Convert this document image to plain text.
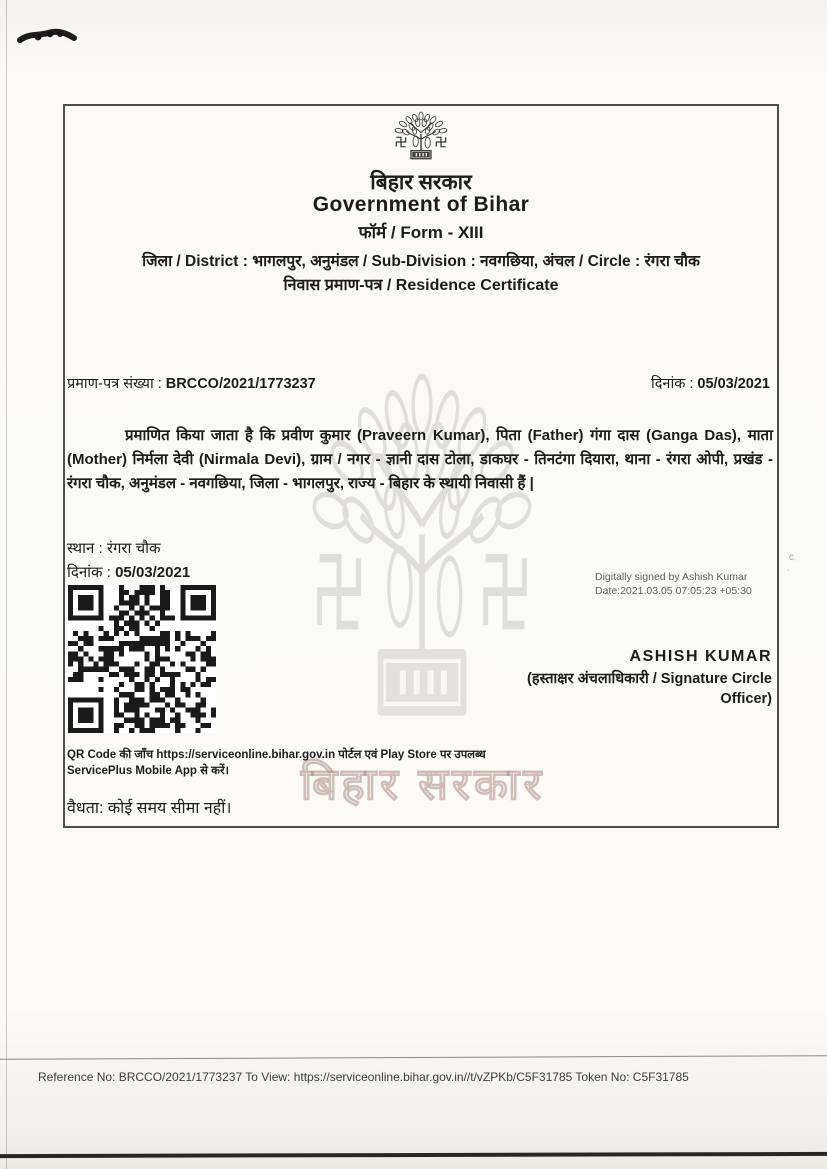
c.
.
बिहार सरकार
बिहार सरकार
Government of Bihar
फॉर्म / Form - XIII
जिला / District : भागलपुर, अनुमंडल / Sub-Division : नवगछिया, अंचल / Circle : रंगरा चौक
निवास प्रमाण-पत्र / Residence Certificate
प्रमाण-पत्र संख्या : BRCCO/2021/1773237	दिनांक : 05/03/2021
प्रमाणित किया जाता है कि प्रवीण कुमार (Praveern Kumar), पिता (Father) गंगा दास (Ganga Das), माता (Mother) निर्मला देवी (Nirmala Devi), ग्राम / नगर - ज्ञानी दास टोला, डाकघर - तिनटंगा दियारा, थाना - रंगरा ओपी, प्रखंड - रंगरा चौक, अनुमंडल - नवगछिया, जिला - भागलपुर, राज्य - बिहार के स्थायी निवासी हैं |
स्थान : रंगरा चौक
दिनांक : 05/03/2021	Digitally signed by Ashish Kumar
Date:2021.03.05 07:05:23 +05:30
ASHISH KUMAR
(हस्ताक्षर अंचलाधिकारी / Signature Circle Officer)
QR Code की जाँच https://serviceonline.bihar.gov.in पोर्टल एवं Play Store पर उपलब्ध ServicePlus Mobile App से करें।
वैधता: कोई समय सीमा नहीं।
Reference No: BRCCO/2021/1773237 To View: https://serviceonline.bihar.gov.in//t/vZPKb/C5F31785 Token No: C5F31785
